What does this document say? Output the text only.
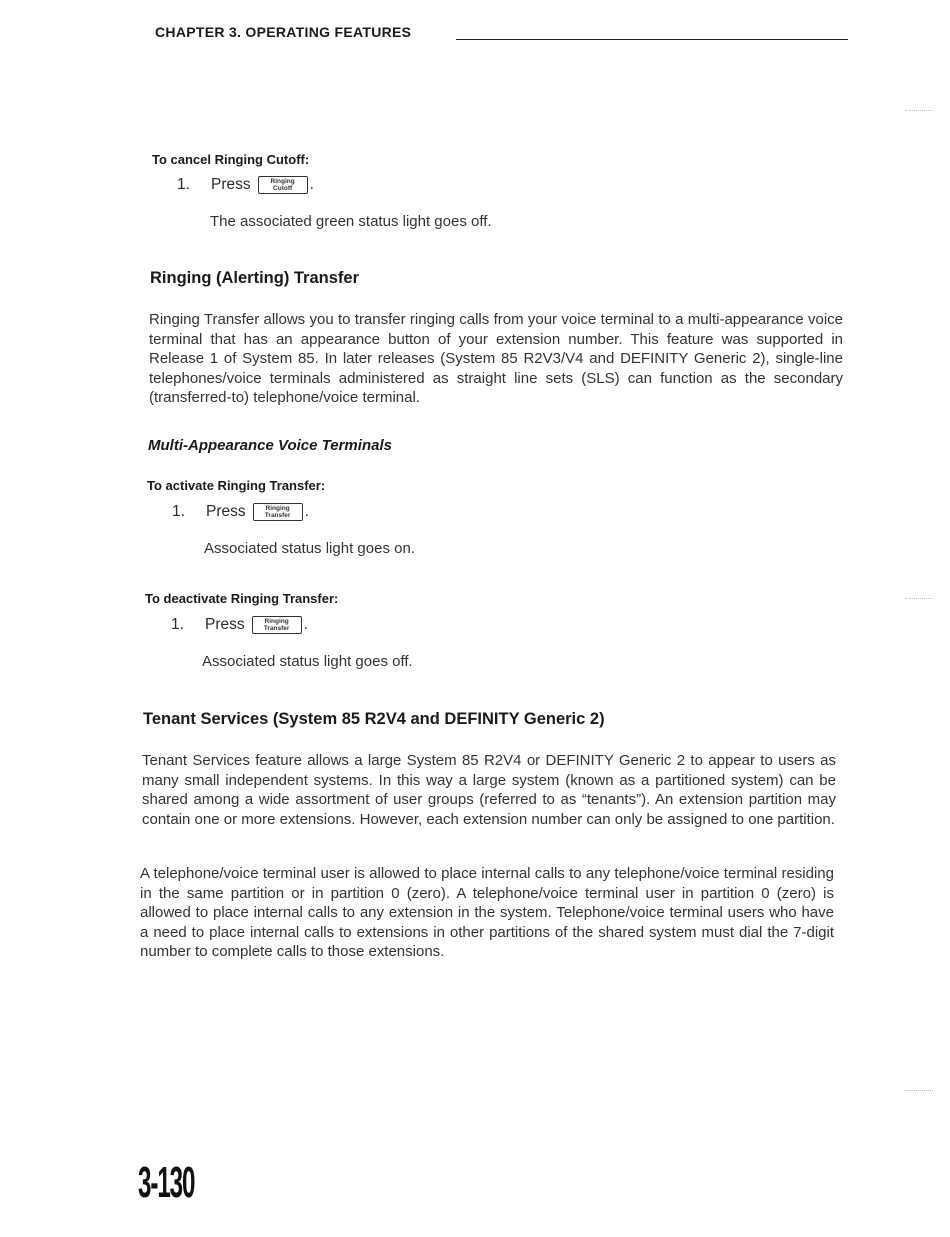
CHAPTER 3. OPERATING FEATURES
To cancel Ringing Cutoff:
1.	Press	Ringing
Cutoff .
The associated green status light goes off.
Ringing (Alerting) Transfer
Ringing Transfer allows you to transfer ringing calls from your voice terminal to a multi-appearance voice terminal that has an appearance button of your extension number. This feature was supported in Release 1 of System 85. In later releases (System 85 R2V3/V4 and DEFINITY Generic 2), single-line telephones/voice terminals administered as straight line sets (SLS) can function as the secondary (transferred-to) telephone/voice terminal.
Multi-Appearance Voice Terminals
To activate Ringing Transfer:
1.	Press	Ringing
Transfer .
Associated status light goes on.
To deactivate Ringing Transfer:
1.	Press	Ringing
Transfer .
Associated status light goes off.
Tenant Services (System 85 R2V4 and DEFINITY Generic 2)
Tenant Services feature allows a large System 85 R2V4 or DEFINITY Generic 2 to appear to users as many small independent systems. In this way a large system (known as a partitioned system) can be shared among a wide assortment of user groups (referred to as “tenants”). An extension partition may contain one or more extensions. However, each extension number can only be assigned to one partition.
A telephone/voice terminal user is allowed to place internal calls to any telephone/voice terminal residing in the same partition or in partition 0 (zero). A telephone/voice terminal user in partition 0 (zero) is allowed to place internal calls to any extension in the system. Telephone/voice terminal users who have a need to place internal calls to extensions in other partitions of the shared system must dial the 7-digit number to complete calls to those extensions.
3-130
